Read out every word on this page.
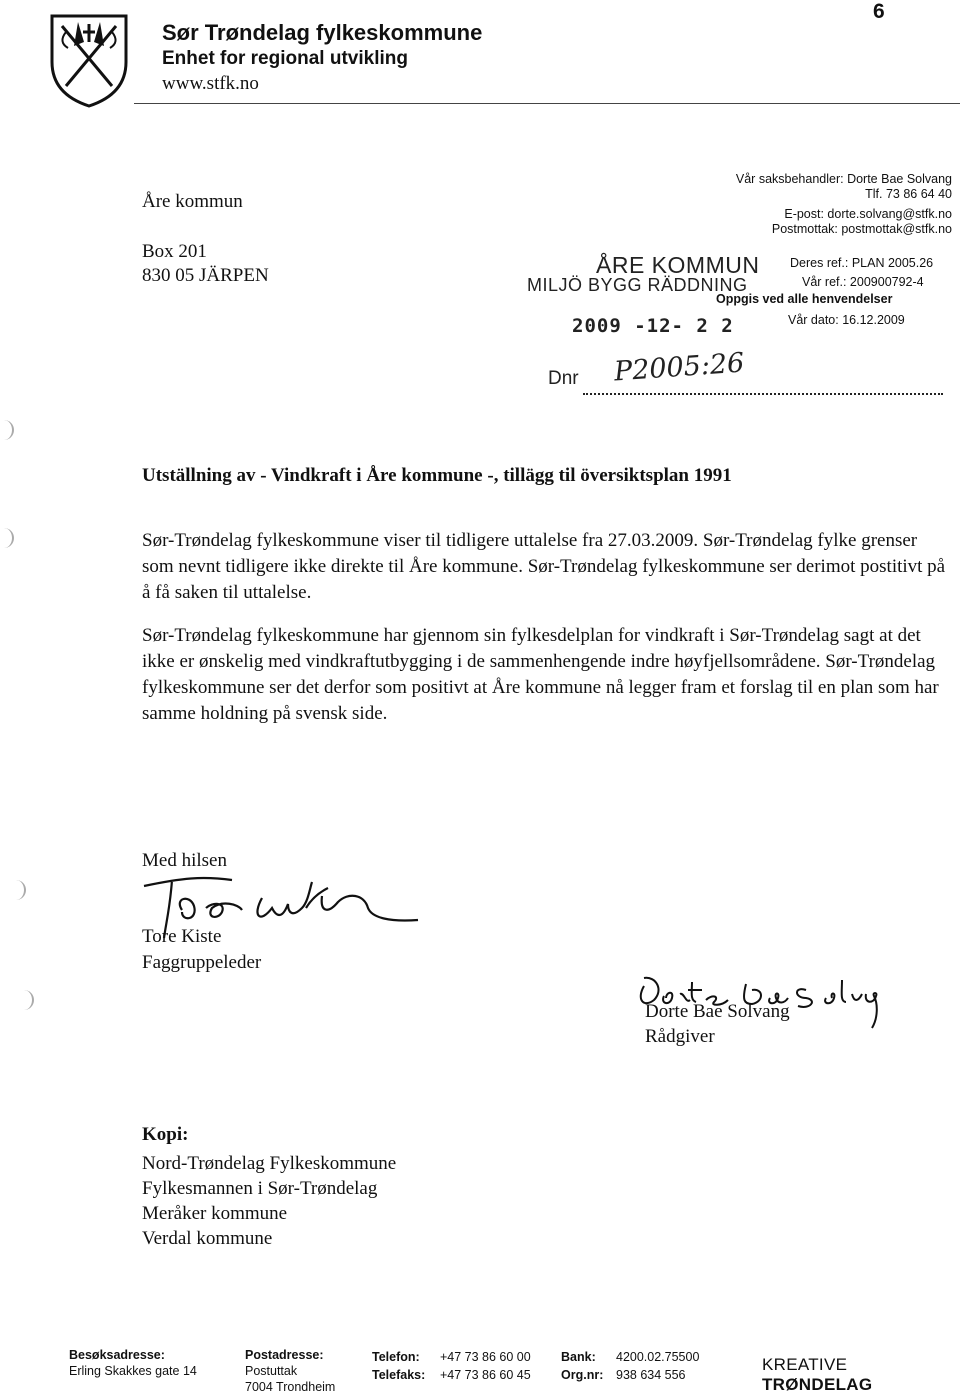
Sør Trøndelag fylkeskommune
Enhet for regional utvikling
www.stfk.no
6
Åre kommun
Box 201
830 05 JÄRPEN
Vår saksbehandler: Dorte Bae Solvang
Tlf. 73 86 64 40
E-post: dorte.solvang@stfk.no
Postmottak: postmottak@stfk.no
ÅRE KOMMUN
MILJÖ BYGG RÄDDNING
2009 -12- 2 2
Dnr P2005:26
Deres ref.: PLAN 2005.26
Vår ref.: 200900792-4
Oppgis ved alle henvendelser
Vår dato: 16.12.2009
Utställning av - Vindkraft i Åre kommune -, tillägg til översiktsplan 1991
Sør-Trøndelag fylkeskommune viser til tidligere uttalelse fra 27.03.2009. Sør-Trøndelag fylke grenser som nevnt tidligere ikke direkte til Åre kommune. Sør-Trøndelag fylkeskommune ser derimot postitivt på å få saken til uttalelse.
Sør-Trøndelag fylkeskommune har gjennom sin fylkesdelplan for vindkraft i Sør-Trøndelag sagt at det ikke er ønskelig med vindkraftutbygging i de sammenhengende indre høyfjellsområdene. Sør-Trøndelag fylkeskommune ser det derfor som positivt at Åre kommune nå legger fram et forslag til en plan som har samme holdning på svensk side.
Med hilsen
Tore Kiste
Faggruppeleder
Dorte Bae Solvang
Rådgiver
Kopi:
Nord-Trøndelag Fylkeskommune
Fylkesmannen i Sør-Trøndelag
Meråker kommune
Verdal kommune
Besøksadresse:
Erling Skakkes gate 14
Postadresse:
Postuttak
7004 Trondheim
Telefon:	+47 73 86 60 00
Telefaks:	+47 73 86 60 45
Bank:	4200.02.75500
Org.nr:	938 634 556
KREATIVE TRØNDELAG
